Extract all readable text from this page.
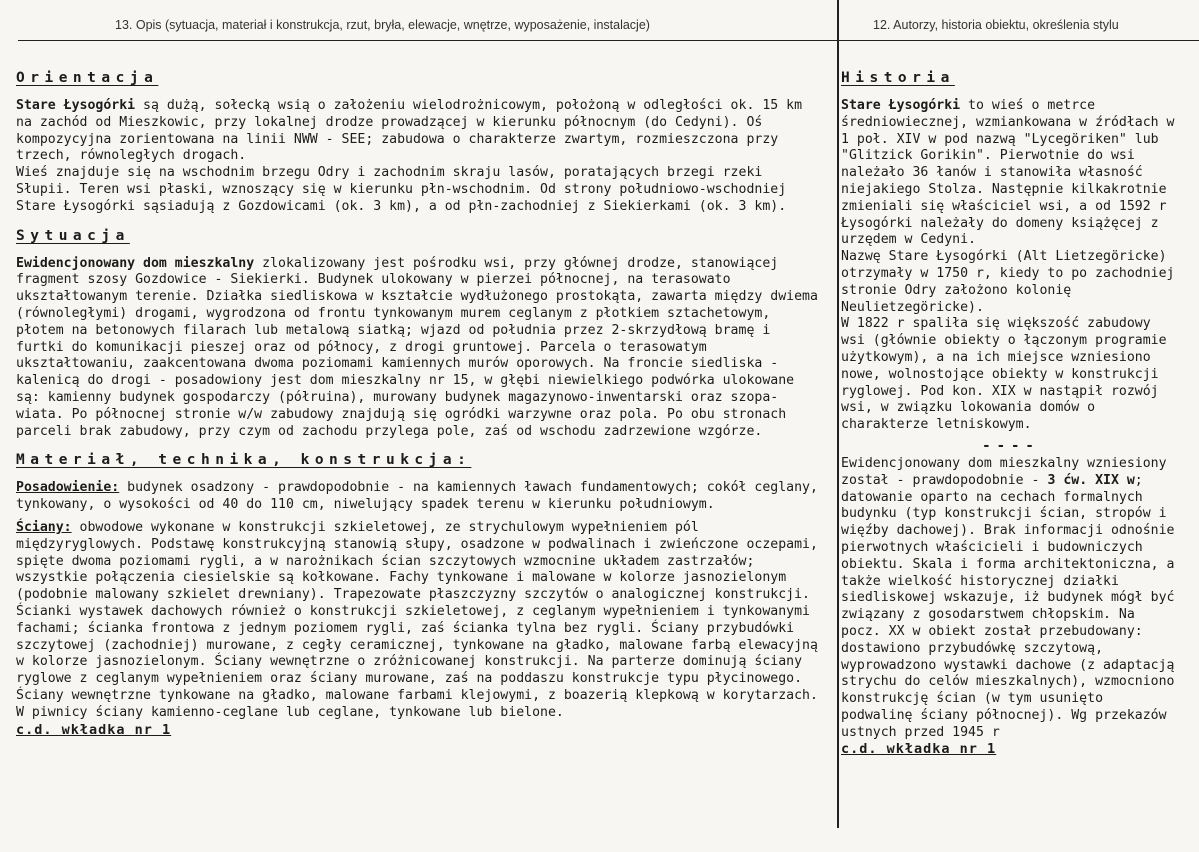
13. Opis (sytuacja, materiał i konstrukcja, rzut, bryła, elewacje, wnętrze, wyposażenie, instalacje)	12. Autorzy, historia obiektu, określenia stylu
Orientacja

Stare Łysogórki są dużą, sołecką wsią o założeniu wielodrożnicowym, położoną w odległości ok. 15 km na zachód od Mieszkowic, przy lokalnej drodze prowadzącej w kierunku północnym (do Cedyni). Oś kompozycyjna zorientowana na linii NWW - SEE; zabudowa o charakterze zwartym, rozmieszczona przy trzech, równoległych drogach.

Wieś znajduje się na wschodnim brzegu Odry i zachodnim skraju lasów, poratających brzegi rzeki Słupii. Teren wsi płaski, wznoszący się w kierunku płn-wschodnim. Od strony południowo-wschodniej Stare Łysogórki sąsiadują z Gozdowicami (ok. 3 km), a od płn-zachodniej z Siekierkami (ok. 3 km).

Sytuacja

Ewidencjonowany dom mieszkalny zlokalizowany jest pośrodku wsi, przy głównej drodze, stanowiącej fragment szosy Gozdowice - Siekierki. Budynek ulokowany w pierzei północnej, na terasowato ukształtowanym terenie. Działka siedliskowa w kształcie wydłużonego prostokąta, zawarta między dwiema (równoległymi) drogami, wygrodzona od frontu tynkowanym murem ceglanym z płotkiem sztachetowym, płotem na betonowych filarach lub metalową siatką; wjazd od południa przez 2-skrzydłową bramę i furtki do komunikacji pieszej oraz od północy, z drogi gruntowej. Parcela o terasowatym ukształtowaniu, zaakcentowana dwoma poziomami kamiennych murów oporowych. Na froncie siedliska - kalenicą do drogi - posadowiony jest dom mieszkalny nr 15, w głębi niewielkiego podwórka ulokowane są: kamienny budynek gospodarczy (półruina), murowany budynek magazynowo-inwentarski oraz szopa-wiata. Po północnej stronie w/w zabudowy znajdują się ogródki warzywne oraz pola. Po obu stronach parceli brak zabudowy, przy czym od zachodu przylega pole, zaś od wschodu zadrzewione wzgórze.

Materiał, technika, konstrukcja:

Posadowienie: budynek osadzony - prawdopodobnie - na kamiennych ławach fundamentowych; cokół ceglany, tynkowany, o wysokości od 40 do 110 cm, niwelujący spadek terenu w kierunku południowym.

Ściany: obwodowe wykonane w konstrukcji szkieletowej, ze strychulowym wypełnieniem pól międzyryglowych. Podstawę konstrukcyjną stanowią słupy, osadzone w podwalinach i zwieńczone oczepami, spięte dwoma poziomami rygli, a w narożnikach ścian szczytowych wzmocnine układem zastrzałów; wszystkie połączenia ciesielskie są kołkowane. Fachy tynkowane i malowane w kolorze jasnozielonym (podobnie malowany szkielet drewniany). Trapezowate płaszczyzny szczytów o analogicznej konstrukcji. Ścianki wystawek dachowych również o konstrukcji szkieletowej, z ceglanym wypełnieniem i tynkowanymi fachami; ścianka frontowa z jednym poziomem rygli, zaś ścianka tylna bez rygli. Ściany przybudówki szczytowej (zachodniej) murowane, z cegły ceramicznej, tynkowane na gładko, malowane farbą elewacyjną w kolorze jasnozielonym. Ściany wewnętrzne o zróżnicowanej konstrukcji. Na parterze dominują ściany ryglowe z ceglanym wypełnieniem oraz ściany murowane, zaś na poddaszu konstrukcje typu płycinowego. Ściany wewnętrzne tynkowane na gładko, malowane farbami klejowymi, z boazerią klepkową w korytarzach. W piwnicy ściany kamienno-ceglane lub ceglane, tynkowane lub bielone.

c.d. wkładka nr 1
Historia

Stare Łysogórki to wieś o metrce średniowiecznej, wzmiankowana w źródłach w 1 poł. XIV w pod nazwą "Lycegöriken" lub "Glitzick Gorikin". Pierwotnie do wsi należało 36 łanów i stanowiła własność niejakiego Stolza. Następnie kilkakrotnie zmieniali się właściciel wsi, a od 1592 r Łysogórki należały do domeny książęcej z urzędem w Cedyni.

Nazwę Stare Łysogórki (Alt Lietzegöricke) otrzymały w 1750 r, kiedy to po zachodniej stronie Odry założono kolonię Neulietzegöricke).

W 1822 r spaliła się większość zabudowy wsi (głównie obiekty o łączonym programie użytkowym), a na ich miejsce wzniesiono nowe, wolnostojące obiekty w konstrukcji ryglowej. Pod kon. XIX w nastąpił rozwój wsi, w związku lokowania domów o charakterze letniskowym.

----

Ewidencjonowany dom mieszkalny wzniesiony został - prawdopodobnie - 3 ćw. XIX w; datowanie oparto na cechach formalnych budynku (typ konstrukcji ścian, stropów i więźby dachowej). Brak informacji odnośnie pierwotnych właścicieli i budowniczych obiektu. Skala i forma architektoniczna, a także wielkość historycznej działki siedliskowej wskazuje, iż budynek mógł być związany z gosodarstwem chłopskim. Na pocz. XX w obiekt został przebudowany: dostawiono przybudówkę szczytową, wyprowadzono wystawki dachowe (z adaptacją strychu do celów mieszkalnych), wzmocniono konstrukcję ścian (w tym usunięto podwalinę ściany północnej). Wg przekazów ustnych przed 1945 r

c.d. wkładka nr 1
